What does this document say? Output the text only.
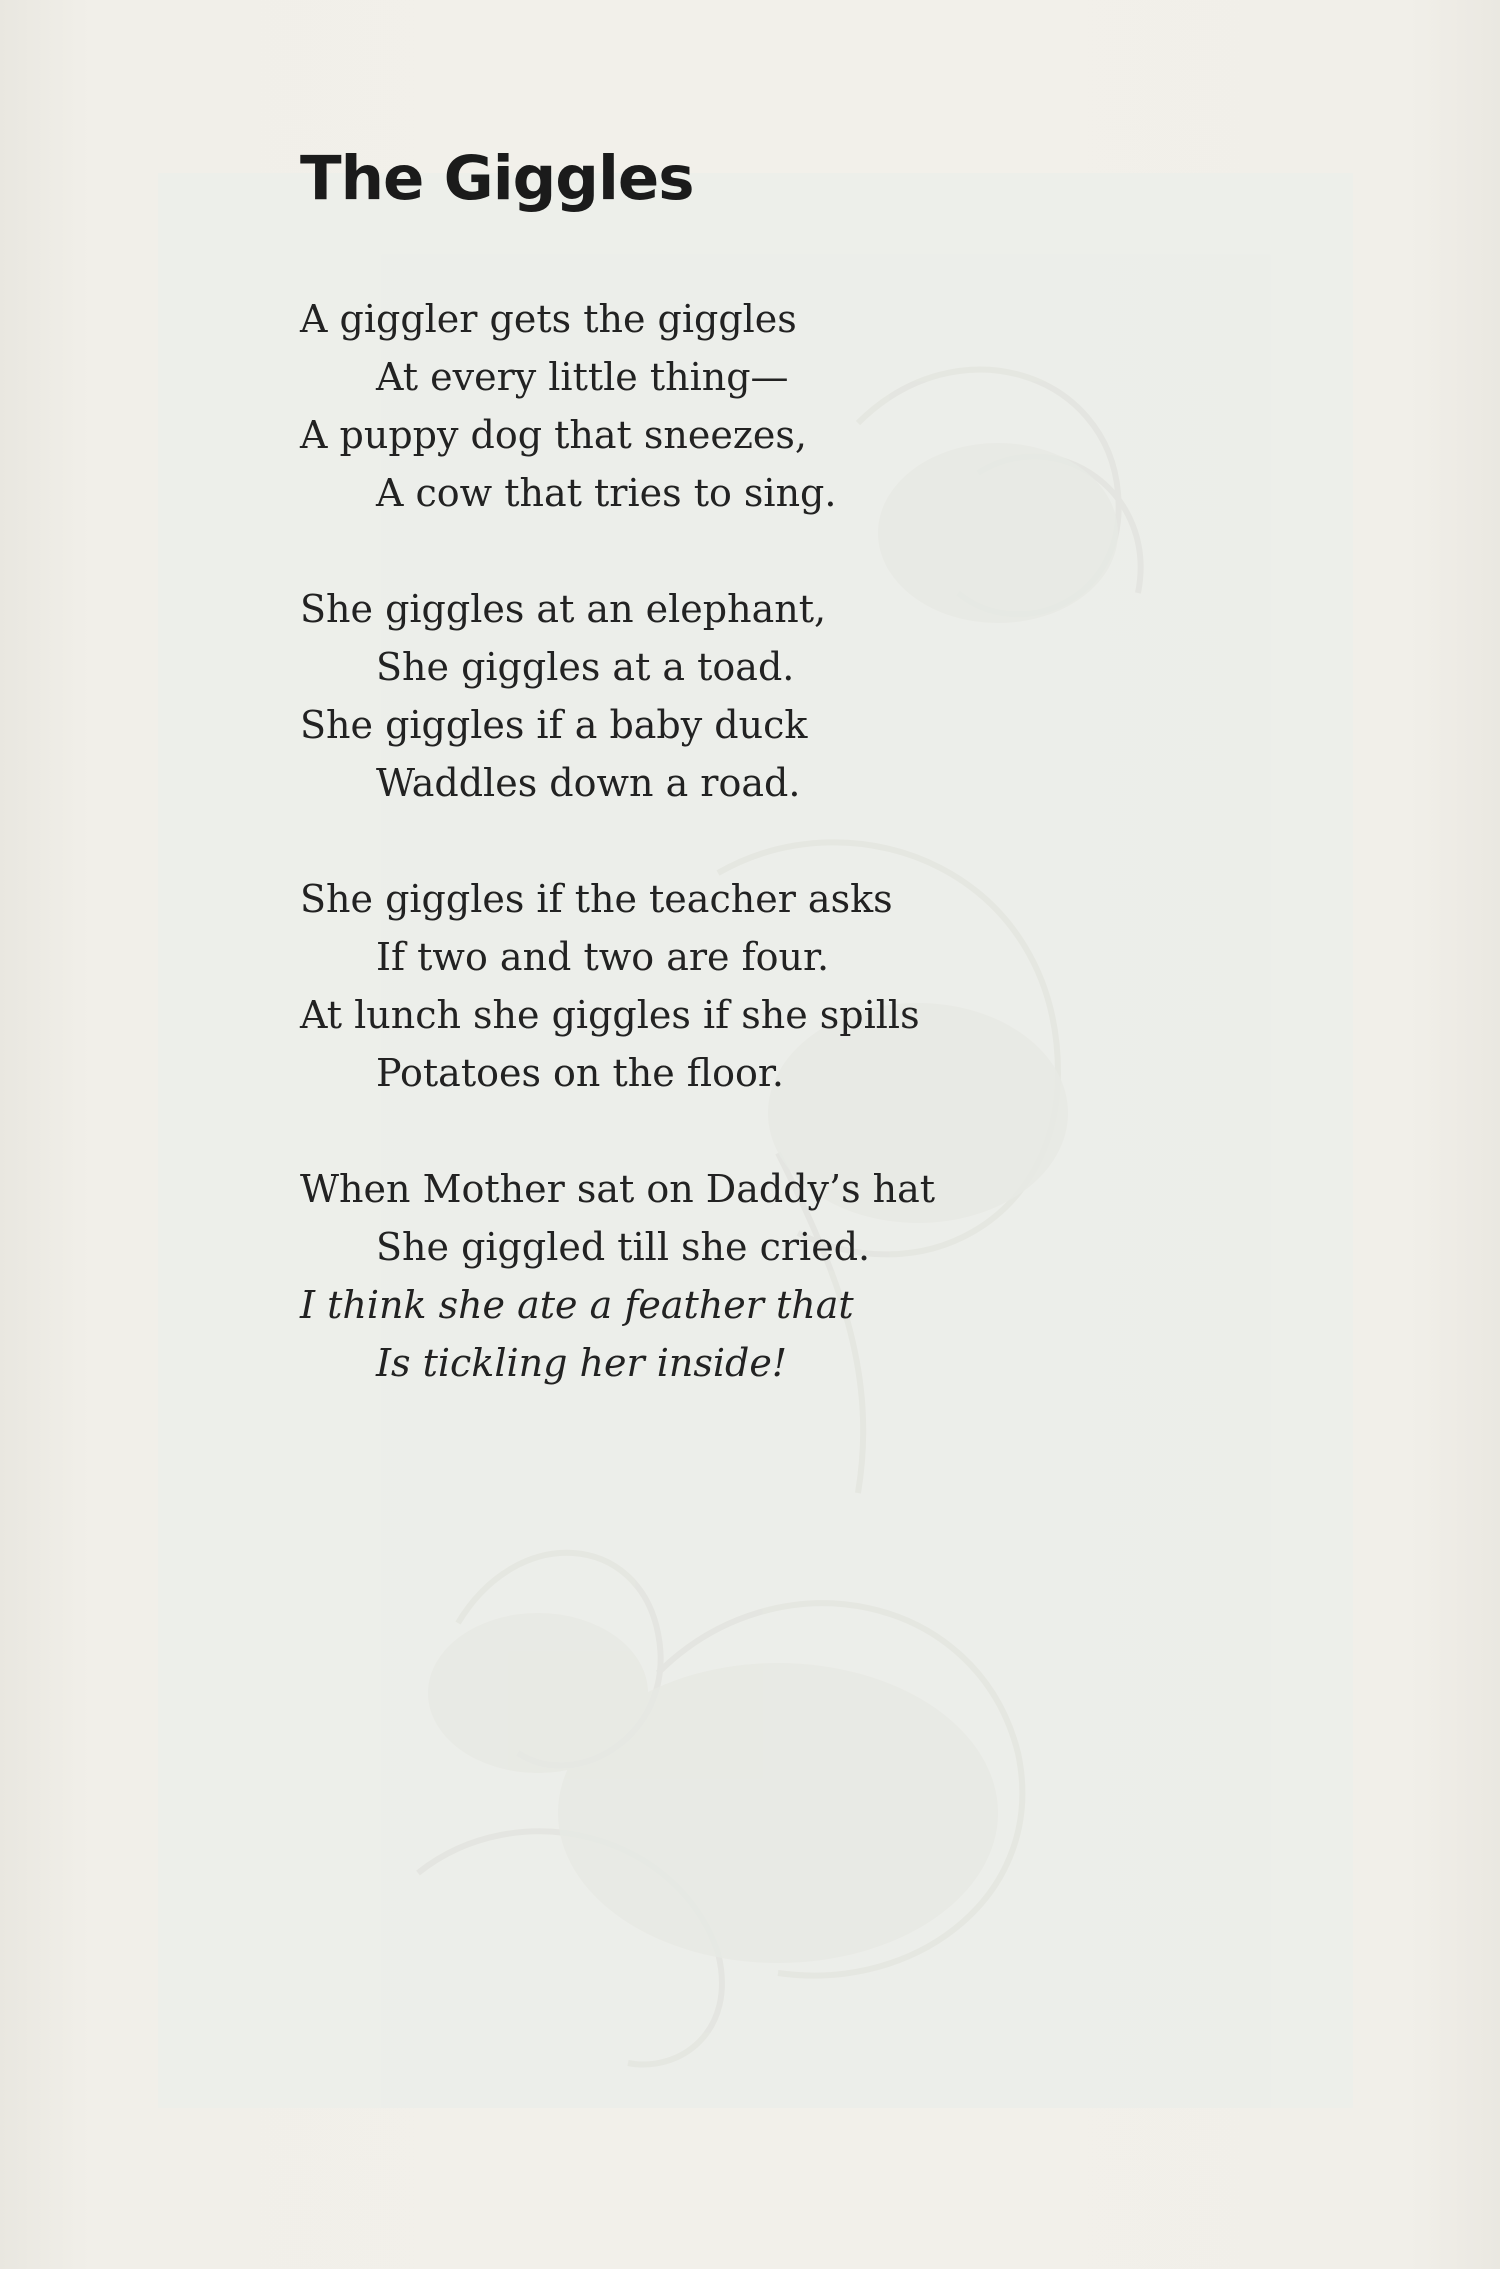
The Giggles
A giggler gets the giggles
At every little thing—
A puppy dog that sneezes,
A cow that tries to sing.
She giggles at an elephant,
She giggles at a toad.
She giggles if a baby duck
Waddles down a road.
She giggles if the teacher asks
If two and two are four.
At lunch she giggles if she spills
Potatoes on the floor.
When Mother sat on Daddy’s hat
She giggled till she cried.
I think she ate a feather that
Is tickling her inside!
